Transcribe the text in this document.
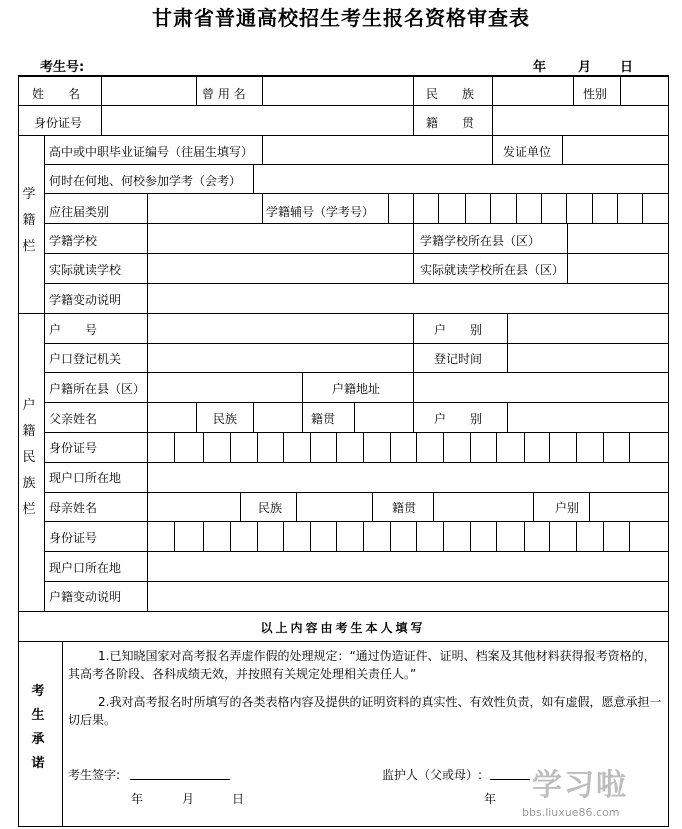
甘肃省普通高校招生考生报名资格审查表
考生号:	年 月 日
姓　　名	曾 用 名	民　　族	性别
身份证号	籍　　贯
学
籍
栏
高中或中职毕业证编号（往届生填写）	发证单位
何时在何地、何校参加学考（会考）
应往届类别	学籍辅号（学考号）
学籍学校	学籍学校所在县（区）
实际就读学校	实际就读学校所在县（区）
学籍变动说明
户
籍
民
族
栏
户　　号	户　　别
户口登记机关	登记时间
户籍所在县（区）	户籍地址
父亲姓名	民族	籍贯	户　　别
身份证号
现户口所在地
母亲姓名	民族	籍贯	户别
身份证号
现户口所在地
户籍变动说明
以上内容由考生本人填写
考
生
承
诺
1.已知晓国家对高考报名弄虚作假的处理规定：“通过伪造证件、证明、档案及其他材料获得报考资格的，其高考各阶段、各科成绩无效，并按照有关规定处理相关责任人。”
2.我对高考报名时所填写的各类表格内容及提供的证明资料的真实性、有效性负责，如有虚假，愿意承担一切后果。
考生签字:	监护人（父或母）:
年	月	日	年 学习啦
bbs.liuxue86.com
